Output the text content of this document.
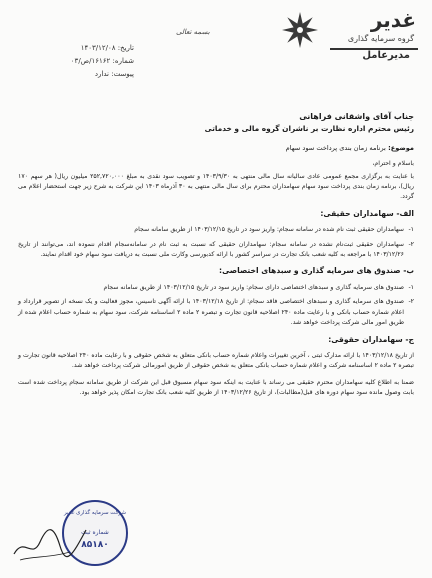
غدیر
گروه سرمایه گذاری
مدیرعامل
بسمه تعالی
تاریخ: ۱۴۰۳/۱۲/۰۸
شماره: ۱۶۱۶۲/ص/۰۳
پیوست: ندارد
جناب آقای واشقانی فراهانی
رئیس محترم اداره نظارت بر ناشران گروه مالی و خدماتی
موضوع: برنامه زمان بندی پرداخت سود سهام
باسلام و احترام،
با عنایت به برگزاری مجمع عمومی عادی سالیانه سال مالی منتهی به ۱۴۰۳/۹/۳۰ و تصویب سود نقدی به مبلغ ۲۵۲,۷۲۰,۰۰۰ میلیون ریال( هر سهم ۱۷۰ ریال)، برنامه زمان بندی پرداخت سود سهام سهامداران محترم برای سال مالی منتهی به ۳۰ آذرماه ۱۴۰۳ این شرکت به شرح زیر جهت استحضار اعلام می گردد.
الف- سهامداران حقیقی:
۱-
سهامداران حقیقی ثبت نام شده در سامانه سجام: واریز سود در تاریخ ۱۴۰۳/۱۲/۱۵ از طریق سامانه سجام
۲-
سهامداران حقیقی ثبت‌نام نشده در سامانه سجام: سهامداران حقیقی که نسبت به ثبت نام در سامانه‌سجام اقدام ننموده اند، می‌توانند از تاریخ ۱۴۰۳/۱۲/۲۶ با مراجعه به کلیه شعب بانک تجارت در سراسر کشور با ارائه کدبورسی وکارت ملی نسبت به دریافت سود سهام خود اقدام نمایند.
ب- صندوق های سرمایه گذاری و سبدهای اختصاصی:
۱-
صندوق های سرمایه گذاری و سبدهای اختصاصی دارای سجام: واریز سود در تاریخ ۱۴۰۳/۱۲/۱۵ از طریق سامانه سجام
۲-
صندوق های سرمایه گذاری و سبدهای اختصاصی فاقد سجام: از تاریخ ۱۴۰۳/۱۲/۱۸ با ارائه آگهی تاسیس، مجوز فعالیت و یک نسخه از تصویر قرارداد و اعلام شماره حساب بانکی و با رعایت ماده ۲۴۰ اصلاحیه قانون تجارت و تبصره ۲ ماده ۲ اساسنامه شرکت، سود سهام به شماره حساب اعلام شده از طریق امور مالی شرکت پرداخت خواهد شد.
ج- سهامداران حقوقی:
از تاریخ ۱۴۰۳/۱۲/۱۸ با ارائه مدارک ثبتی ، آخرین تغییرات واعلام شماره حساب بانکی متعلق به شخص حقوقی و با رعایت ماده ۲۴۰ اصلاحیه قانون تجارت و تبصره ۲ ماده ۲ اساسنامه شرکت و اعلام شماره حساب بانکی متعلق به شخص حقوقی از طریق امورمالی شرکت پرداخت خواهد شد.
ضمنا به اطلاع کلیه سهامداران محترم حقیقی می رساند با عنایت به اینکه سود سهام مسبوق قبل این شرکت از طریق سامانه سجام پرداخت شده است بابت وصول مانده سود سهام دوره های قبل(مطالبات)، از تاریخ ۱۴۰۳/۱۲/۲۶ از طریق کلیه شعب بانک تجارت امکان پذیر خواهد بود.
شرکت سرمایه گذاری غدیر
شماره ثبت
۸۵۱۸۰
